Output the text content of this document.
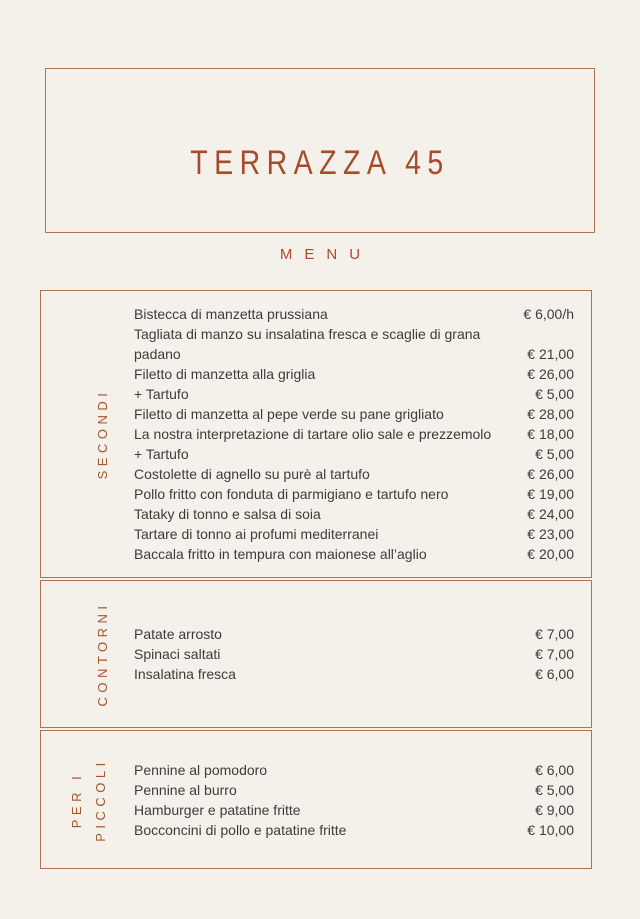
TERRAZZA 45
MENU
SECONDI
Bistecca di manzetta prussiana	€ 6,00/h
Tagliata di manzo su insalatina fresca e scaglie di grana padano	€ 21,00
Filetto di manzetta alla griglia	€ 26,00
+ Tartufo	€ 5,00
Filetto di manzetta al pepe verde su pane grigliato	€ 28,00
La nostra interpretazione di tartare olio sale e prezzemolo	€ 18,00
+ Tartufo	€ 5,00
Costolette di agnello su purè al tartufo	€ 26,00
Pollo fritto con fonduta di parmigiano e tartufo nero	€ 19,00
Tataky di tonno e salsa di soia	€ 24,00
Tartare di tonno ai profumi mediterranei	€ 23,00
Baccala fritto in tempura con maionese all’aglio	€ 20,00
CONTORNI	Patate arrosto	€ 7,00
Spinaci saltati	€ 7,00
Insalatina fresca	€ 6,00
PER I PICCOLI	Pennine al pomodoro	€ 6,00
Pennine al burro	€ 5,00
Hamburger e patatine fritte	€ 9,00
Bocconcini di pollo e patatine fritte	€ 10,00
